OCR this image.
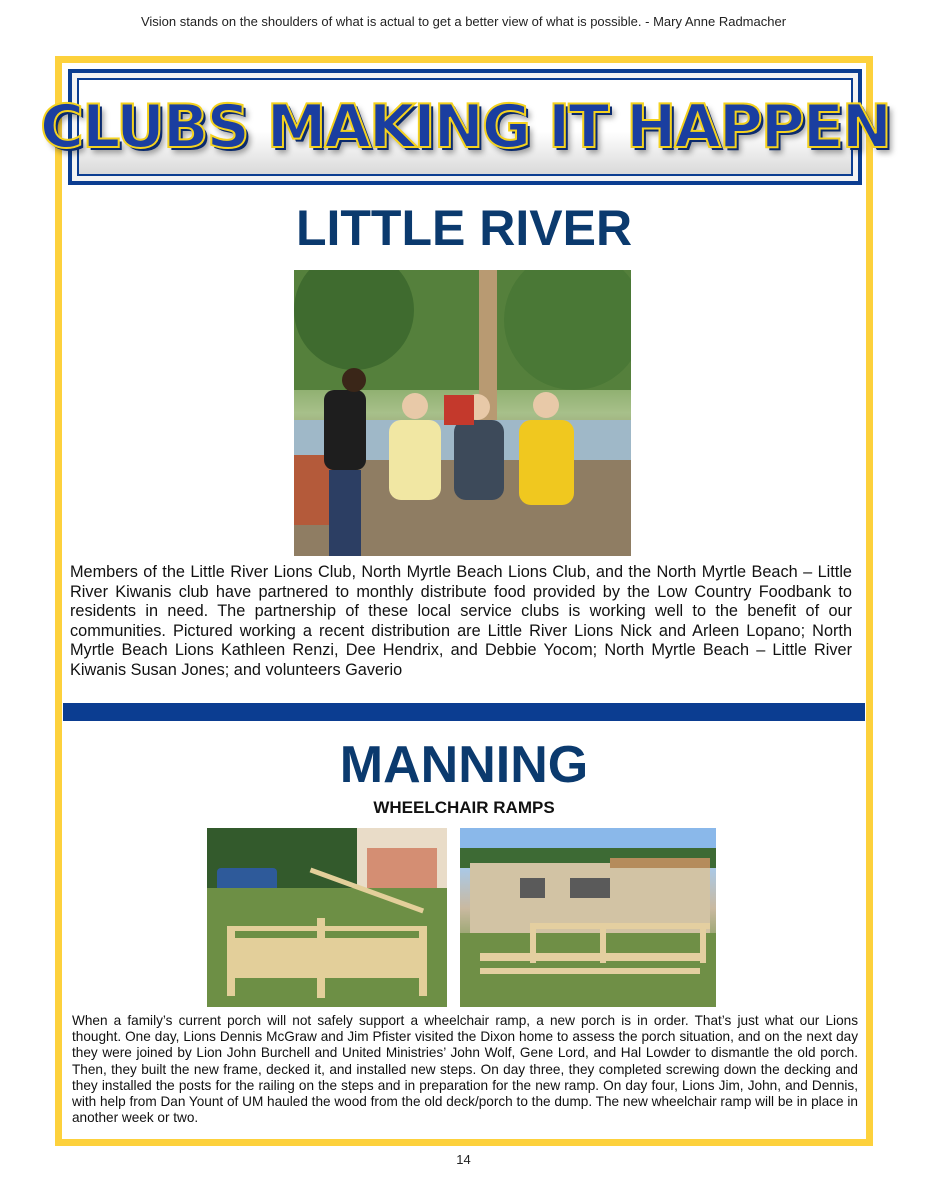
Vision stands on the shoulders of what is actual to get a better view of what is possible. - Mary Anne Radmacher
CLUBS MAKING IT HAPPEN
LITTLE RIVER
Members of the Little River Lions Club, North Myrtle Beach Lions Club, and the North Myrtle Beach – Little River Kiwanis club have partnered to monthly distribute food provided by the Low Country Foodbank to residents in need. The partnership of these local service clubs is working well to the benefit of our communities. Pictured working a recent distribution are Little River Lions Nick and Arleen Lopano; North Myrtle Beach Lions Kathleen Renzi, Dee Hendrix, and Debbie Yocom; North Myrtle Beach – Little River Kiwanis Susan Jones; and volunteers Gaverio
MANNING
WHEELCHAIR RAMPS
When a family’s current porch will not safely support a wheelchair ramp, a new porch is in order. That’s just what our Lions thought. One day, Lions Dennis McGraw and Jim Pfister visited the Dixon home to assess the porch situation, and on the next day they were joined by Lion John Burchell and United Ministries’ John Wolf, Gene Lord, and Hal Lowder to dismantle the old porch. Then, they built the new frame, decked it, and installed new steps. On day three, they completed screwing down the decking and they installed the posts for the railing on the steps and in preparation for the new ramp. On day four, Lions Jim, John, and Dennis, with help from Dan Yount of UM hauled the wood from the old deck/porch to the dump. The new wheelchair ramp will be in place in another week or two.
14
